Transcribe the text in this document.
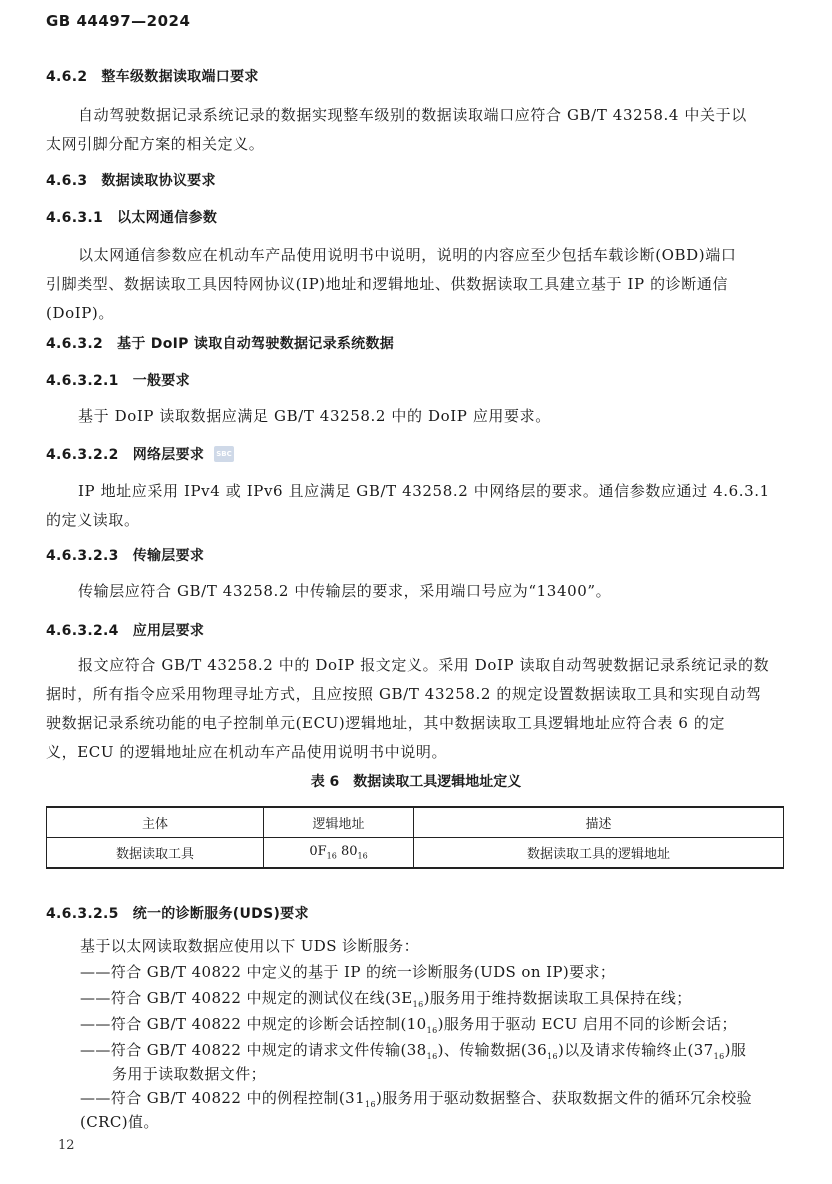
GB 44497—2024
4.6.2 整车级数据读取端口要求
自动驾驶数据记录系统记录的数据实现整车级别的数据读取端口应符合 GB/T 43258.4 中关于以
太网引脚分配方案的相关定义。
4.6.3 数据读取协议要求
4.6.3.1 以太网通信参数
以太网通信参数应在机动车产品使用说明书中说明，说明的内容应至少包括车载诊断(OBD)端口
引脚类型、数据读取工具因特网协议(IP)地址和逻辑地址、供数据读取工具建立基于 IP 的诊断通信
(DoIP)。
4.6.3.2 基于 DoIP 读取自动驾驶数据记录系统数据
4.6.3.2.1 一般要求
基于 DoIP 读取数据应满足 GB/T 43258.2 中的 DoIP 应用要求。
4.6.3.2.2 网络层要求	SBC
IP 地址应采用 IPv4 或 IPv6 且应满足 GB/T 43258.2 中网络层的要求。通信参数应通过 4.6.3.1
的定义读取。
4.6.3.2.3 传输层要求
传输层应符合 GB/T 43258.2 中传输层的要求，采用端口号应为“13400”。
4.6.3.2.4 应用层要求
报文应符合 GB/T 43258.2 中的 DoIP 报文定义。采用 DoIP 读取自动驾驶数据记录系统记录的数
据时，所有指令应采用物理寻址方式，且应按照 GB/T 43258.2 的规定设置数据读取工具和实现自动驾
驶数据记录系统功能的电子控制单元(ECU)逻辑地址，其中数据读取工具逻辑地址应符合表 6 的定
义，ECU 的逻辑地址应在机动车产品使用说明书中说明。
表 6　数据读取工具逻辑地址定义
主体	逻辑地址	描述
数据读取工具	$0F_{16}$ $80_{16}$	数据读取工具的逻辑地址
4.6.3.2.5 统一的诊断服务(UDS)要求
基于以太网读取数据应使用以下 UDS 诊断服务：
——符合 GB/T 40822 中定义的基于 IP 的统一诊断服务(UDS on IP)要求；
——符合 GB/T 40822 中规定的测试仪在线$(3E_{16})$服务用于维持数据读取工具保持在线；
——符合 GB/T 40822 中规定的诊断会话控制$(10_{16})$服务用于驱动 ECU 启用不同的诊断会话；
——符合 GB/T 40822 中规定的请求文件传输$(38_{16})$、传输数据$(36_{16})$以及请求传输终止$(37_{16})$服
务用于读取数据文件；
——符合 GB/T 40822 中的例程控制$(31_{16})$服务用于驱动数据整合、获取数据文件的循环冗余校验
(CRC)值。
12
